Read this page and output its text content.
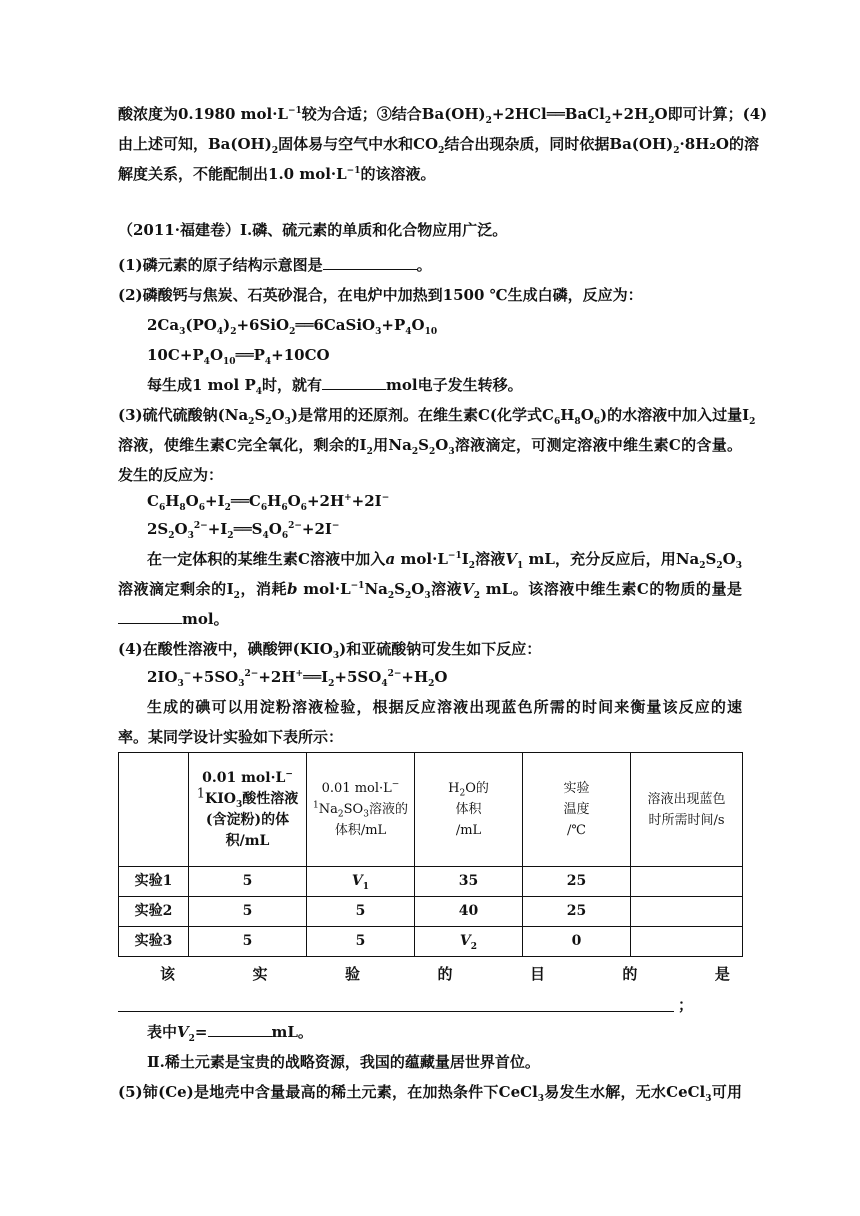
酸浓度为0.1980 $mol\cdot L^{-1}$较为合适；③结合$Ba(OH)_2+2HCl══BaCl_2+2H_2O$即可计算；(4)
由上述可知，$Ba(OH)_2$固体易与空气中水和$CO_2$结合出现杂质，同时依据$Ba(OH)_2\cdot 8H_2O$的溶
解度关系，不能配制出1.0 $mol\cdot L^{-1}$的该溶液。
（2011·福建卷）Ⅰ.磷、硫元素的单质和化合物应用广泛。
(1)磷元素的原子结构示意图是	。
(2)磷酸钙与焦炭、石英砂混合，在电炉中加热到1500 ℃生成白磷，反应为：
$2Ca_3(PO_4)_2+6SiO_2══6CaSiO_3+P_4O_{10}$
$10C+P_4O_{10}══P_4+10CO$
每生成1 mol $P_4$时，就有	mol电子发生转移。
(3)硫代硫酸钠$(Na_2S_2O_3)$是常用的还原剂。在维生素C(化学式$C_6H_8O_6$)的水溶液中加入过量$I_2$
溶液，使维生素C完全氧化，剩余的$I_2$用$Na_2S_2O_3$溶液滴定，可测定溶液中维生素C的含量。
发生的反应为：
$C_6H_8O_6+I_2══C_6H_6O_6+2H^++2I^-$
$2S_2O_3^{2-}+I_2══S_4O_6^{2-}+2I^-$
在一定体积的某维生素C溶液中加入a $mol\cdot L^{-1}I_2$溶液$V_1$ mL，充分反应后，用$Na_2S_2O_3$
溶液滴定剩余的$I_2$，消耗b $mol\cdot L^{-1}Na_2S_2O_3$溶液$V_2$ mL。该溶液中维生素C的物质的量是
mol。
(4)在酸性溶液中，碘酸钾$(KIO_3)$和亚硫酸钠可发生如下反应：
$2IO_3^-+5SO_3^{2-}+2H^+══I_2+5SO_4^{2-}+H_2O$
生成的碘可以用淀粉溶液检验，根据反应溶液出现蓝色所需的时间来衡量该反应的速
率。某同学设计实验如下表所示：
	0.01 mol·L−
$^1KIO_3$酸性溶液
(含淀粉)的体
积/mL	0.01 mol·L−
$^1Na_2SO_3$溶液的
体积/mL	$H_2O$的
体积
/mL	实验
温度
/℃	溶液出现蓝色
时所需时间/s
实验1	5	$V_1$	35	25	
实验2	5	5	40	25	
实验3	5	5	$V_2$	0	
该	实	验	的	目	的	是
；
表中$V_2=$	mL。
Ⅱ.稀土元素是宝贵的战略资源，我国的蕴藏量居世界首位。
(5)铈(Ce)是地壳中含量最高的稀土元素，在加热条件下CeCl$_3$易发生水解，无水CeCl$_3$可用
